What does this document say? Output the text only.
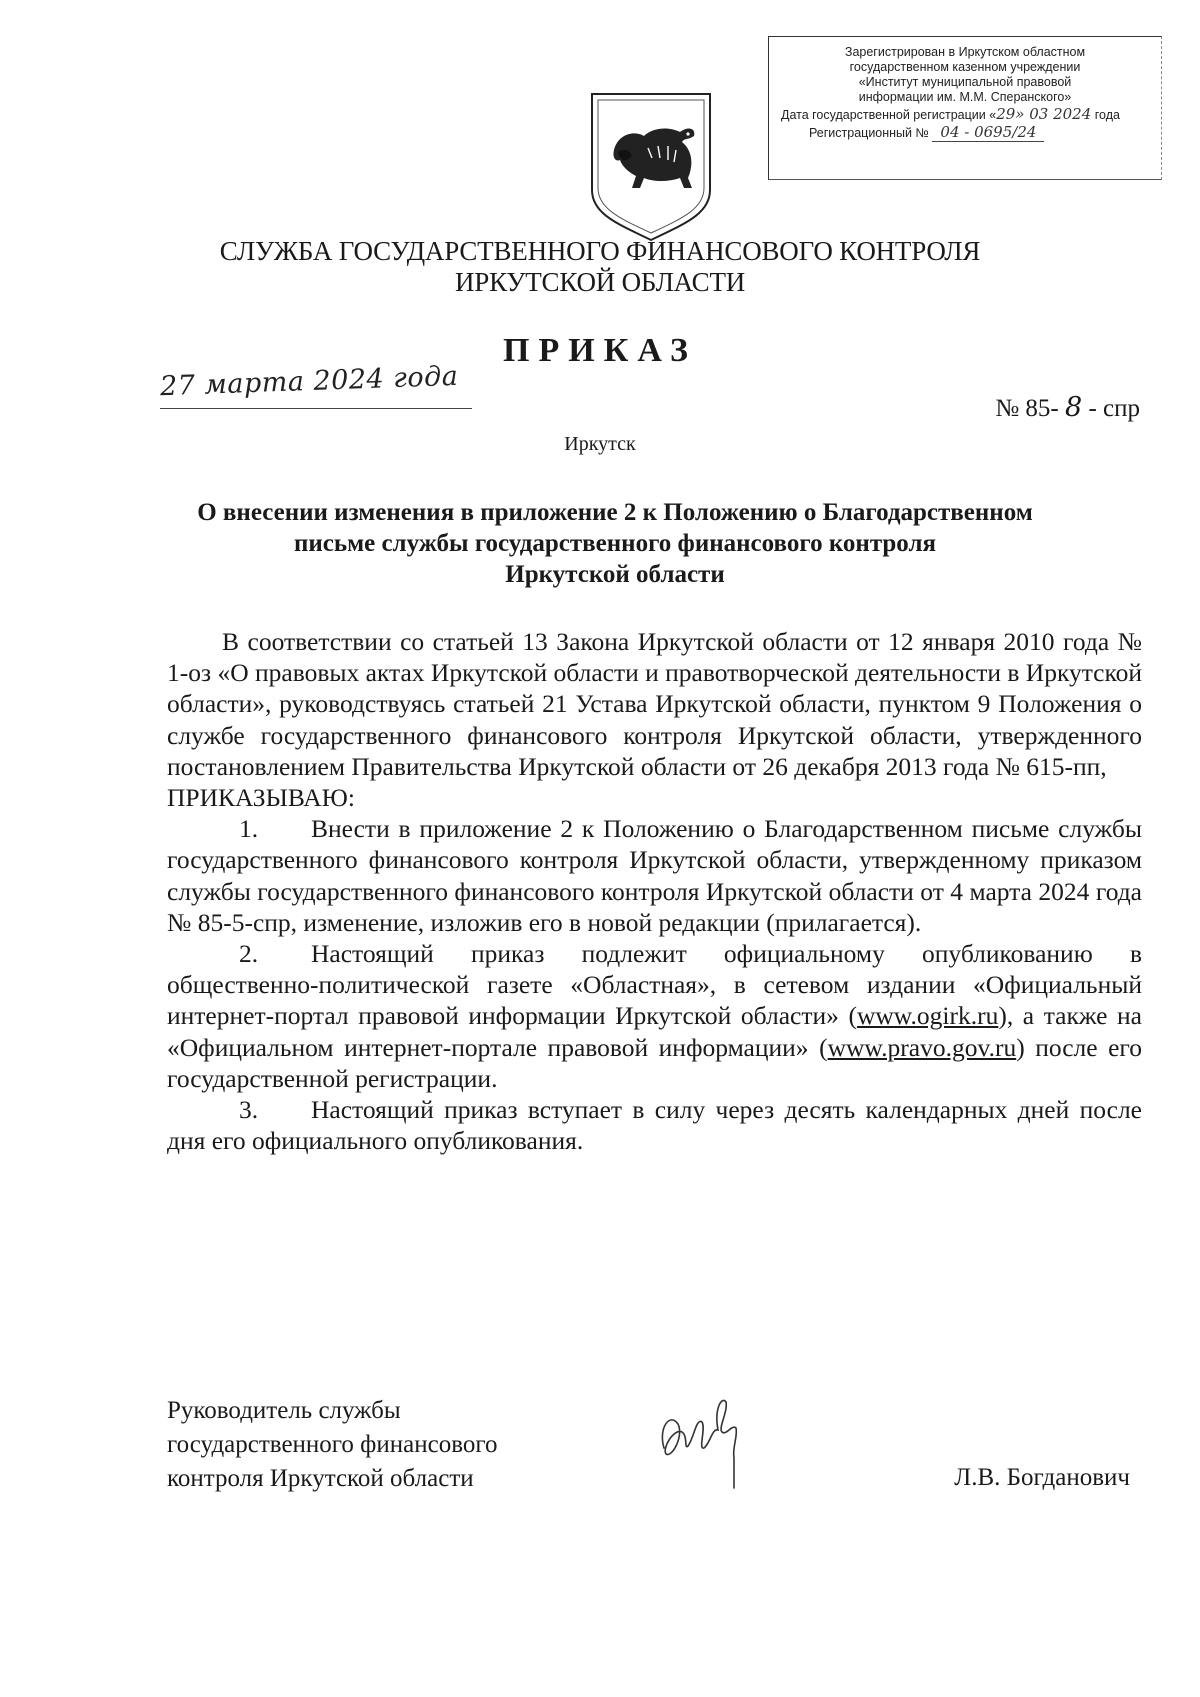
Зарегистрирован в Иркутском областном
государственном казенном учреждении
«Институт муниципальной правовой
информации им. М.М. Сперанского»
Дата государственной регистрации «29» 03 2024 года
Регистрационный № 04 - 0695/24
СЛУЖБА ГОСУДАРСТВЕННОГО ФИНАНСОВОГО КОНТРОЛЯ
ИРКУТСКОЙ ОБЛАСТИ
ПРИКАЗ
27 марта 2024 года
№ 85- 8 - спр
Иркутск
О внесении изменения в приложение 2 к Положению о Благодарственном
письме службы государственного финансового контроля
Иркутской области

В соответствии со статьей 13 Закона Иркутской области от 12 января 2010 года № 1-оз «О правовых актах Иркутской области и правотворческой деятельности в Иркутской области», руководствуясь статьей 21 Устава Иркутской области, пунктом 9 Положения о службе государственного финансового контроля Иркутской области, утвержденного постановлением Правительства Иркутской области от 26 декабря 2013 года № 615-пп,

ПРИКАЗЫВАЮ:

1. Внести в приложение 2 к Положению о Благодарственном письме службы государственного финансового контроля Иркутской области, утвержденному приказом службы государственного финансового контроля Иркутской области от 4 марта 2024 года № 85-5-спр, изменение, изложив его в новой редакции (прилагается).

2. Настоящий приказ подлежит официальному опубликованию в общественно-политической газете «Областная», в сетевом издании «Официальный интернет-портал правовой информации Иркутской области» (www.ogirk.ru), а также на «Официальном интернет-портале правовой информации» (www.pravo.gov.ru) после его государственной регистрации.

3. Настоящий приказ вступает в силу через десять календарных дней после дня его официального опубликования.

Руководитель службы
государственного финансового
контроля Иркутской области	Л.В. Богданович
